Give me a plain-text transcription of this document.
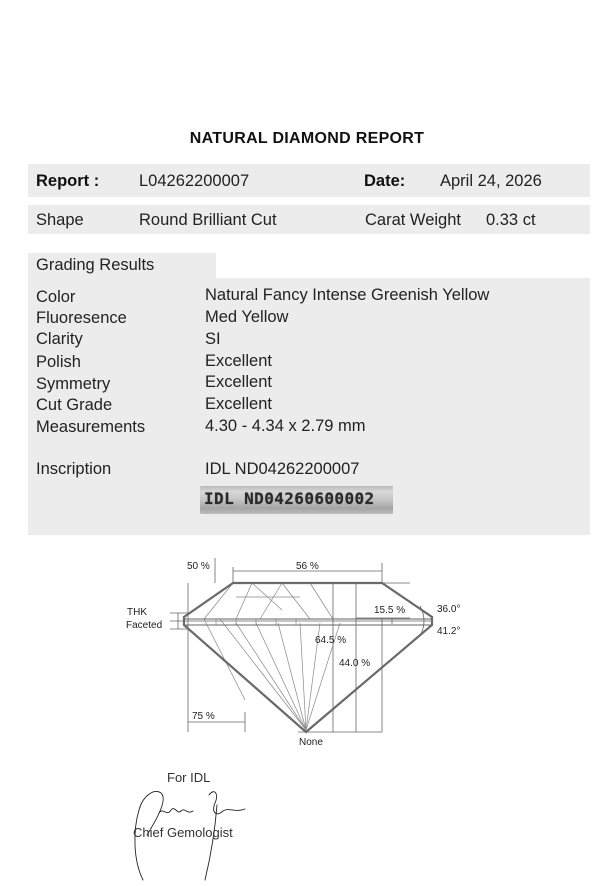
NATURAL DIAMOND REPORT
Report : L04262200007	Date: April 24, 2026
Shape	Round Brilliant Cut	Carat Weight 0.33 ct
Grading Results
Color	Natural Fancy Intense Greenish Yellow
Fluoresence	Med Yellow
Clarity	SI
Polish	Excellent
Symmetry	Excellent
Cut Grade	Excellent
Measurements	4.30 - 4.34 x 2.79 mm
Inscription	IDL ND04262200007
IDL ND04260600002
50 %	56 %
THK
Faceted
15.5 %	36.0°
41.2°
64.5 %
44.0 %
75 %
None
For IDL
Chief Gemologist
